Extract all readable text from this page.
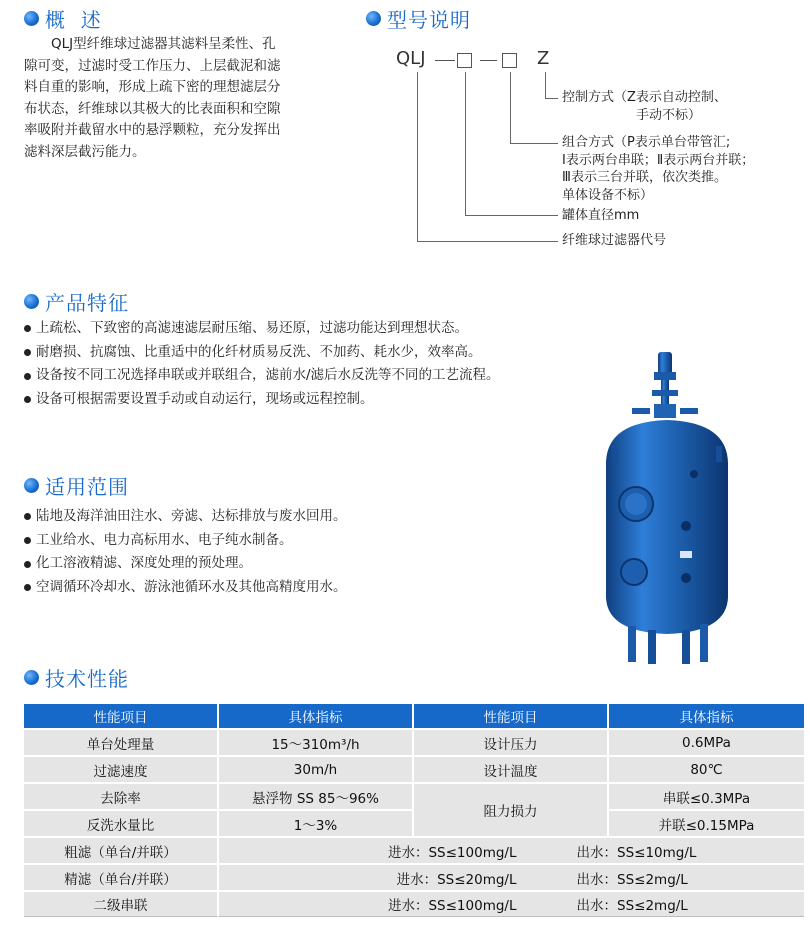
概  述
　　QLJ型纤维球过滤器其滤料呈柔性、孔
隙可变，过滤时受工作压力、上层截泥和滤
料自重的影响，形成上疏下密的理想滤层分
布状态，纤维球以其极大的比表面积和空隙
率吸附并截留水中的悬浮颗粒，充分发挥出
滤料深层截污能力。
型号说明
QLJ	Z
控制方式（Z表示自动控制、
手动不标）
组合方式（P表示单台带管汇;
Ⅰ表示两台串联；Ⅱ表示两台并联；
Ⅲ表示三台并联，依次类推。
单体设备不标）
罐体直径mm
纤维球过滤器代号
产品特征
上疏松、下致密的高滤速滤层耐压缩、易还原，过滤功能达到理想状态。
耐磨损、抗腐蚀、比重适中的化纤材质易反洗、不加药、耗水少，效率高。
设备按不同工况选择串联或并联组合，滤前水/滤后水反洗等不同的工艺流程。
设备可根据需要设置手动或自动运行，现场或远程控制。
适用范围
陆地及海洋油田注水、旁滤、达标排放与废水回用。
工业给水、电力高标用水、电子纯水制备。
化工溶液精滤、深度处理的预处理。
空调循环冷却水、游泳池循环水及其他高精度用水。
技术性能
性能项目	具体指标	性能项目	具体指标
单台处理量	15～310m³/h	设计压力	0.6MPa
过滤速度	30m/h	设计温度	80℃
去除率	悬浮物 SS 85～96%	阻力损力	串联≤0.3MPa
反洗水量比	1～3%		并联≤0.15MPa
粗滤（单台/并联）	进水：SS≤100mg/L 出水：SS≤10mg/L		
精滤（单台/并联）	进水：SS≤20mg/L 出水：SS≤2mg/L		
二级串联	进水：SS≤100mg/L 出水：SS≤2mg/L		
